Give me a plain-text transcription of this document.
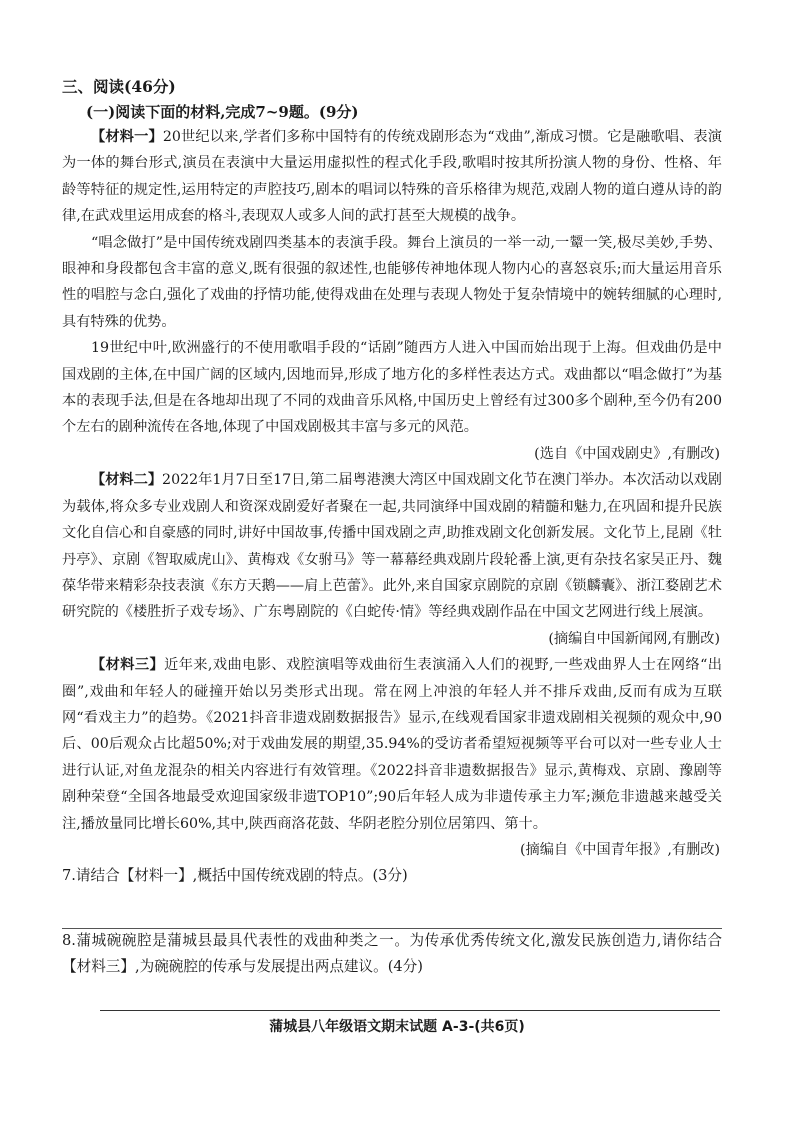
三、阅读(46分)
(一)阅读下面的材料,完成7~9题。(9分)

【材料一】20世纪以来,学者们多称中国特有的传统戏剧形态为“戏曲”,渐成习惯。它是融歌唱、表演为一体的舞台形式,演员在表演中大量运用虚拟性的程式化手段,歌唱时按其所扮演人物的身份、性格、年龄等特征的规定性,运用特定的声腔技巧,剧本的唱词以特殊的音乐格律为规范,戏剧人物的道白遵从诗的韵律,在武戏里运用成套的格斗,表现双人或多人间的武打甚至大规模的战争。

“唱念做打”是中国传统戏剧四类基本的表演手段。舞台上演员的一举一动,一颦一笑,极尽美妙,手势、眼神和身段都包含丰富的意义,既有很强的叙述性,也能够传神地体现人物内心的喜怒哀乐;而大量运用音乐性的唱腔与念白,强化了戏曲的抒情功能,使得戏曲在处理与表现人物处于复杂情境中的婉转细腻的心理时,具有特殊的优势。

19世纪中叶,欧洲盛行的不使用歌唱手段的“话剧”随西方人进入中国而始出现于上海。但戏曲仍是中国戏剧的主体,在中国广阔的区域内,因地而异,形成了地方化的多样性表达方式。戏曲都以“唱念做打”为基本的表现手法,但是在各地却出现了不同的戏曲音乐风格,中国历史上曾经有过300多个剧种,至今仍有200个左右的剧种流传在各地,体现了中国戏剧极其丰富与多元的风范。

(选自《中国戏剧史》,有删改)

【材料二】2022年1月7日至17日,第二届粤港澳大湾区中国戏剧文化节在澳门举办。本次活动以戏剧为载体,将众多专业戏剧人和资深戏剧爱好者聚在一起,共同演绎中国戏剧的精髓和魅力,在巩固和提升民族文化自信心和自豪感的同时,讲好中国故事,传播中国戏剧之声,助推戏剧文化创新发展。文化节上,昆剧《牡丹亭》、京剧《智取威虎山》、黄梅戏《女驸马》等一幕幕经典戏剧片段轮番上演,更有杂技名家吴正丹、魏葆华带来精彩杂技表演《东方天鹅——肩上芭蕾》。此外,来自国家京剧院的京剧《锁麟囊》、浙江婺剧艺术研究院的《楼胜折子戏专场》、广东粤剧院的《白蛇传·情》等经典戏剧作品在中国文艺网进行线上展演。

(摘编自中国新闻网,有删改)

【材料三】近年来,戏曲电影、戏腔演唱等戏曲衍生表演涌入人们的视野,一些戏曲界人士在网络“出圈”,戏曲和年轻人的碰撞开始以另类形式出现。常在网上冲浪的年轻人并不排斥戏曲,反而有成为互联网“看戏主力”的趋势。《2021抖音非遗戏剧数据报告》显示,在线观看国家非遗戏剧相关视频的观众中,90后、00后观众占比超50%;对于戏曲发展的期望,35.94%的受访者希望短视频等平台可以对一些专业人士进行认证,对鱼龙混杂的相关内容进行有效管理。《2022抖音非遗数据报告》显示,黄梅戏、京剧、豫剧等剧种荣登“全国各地最受欢迎国家级非遗TOP10”;90后年轻人成为非遗传承主力军;濒危非遗越来越受关注,播放量同比增长60%,其中,陕西商洛花鼓、华阴老腔分别位居第四、第十。

(摘编自《中国青年报》,有删改)
7.请结合【材料一】,概括中国传统戏剧的特点。(3分)
8.蒲城碗碗腔是蒲城县最具代表性的戏曲种类之一。为传承优秀传统文化,激发民族创造力,请你结合【材料三】,为碗碗腔的传承与发展提出两点建议。(4分)
蒲城县八年级语文期末试题 A-3-(共6页)
